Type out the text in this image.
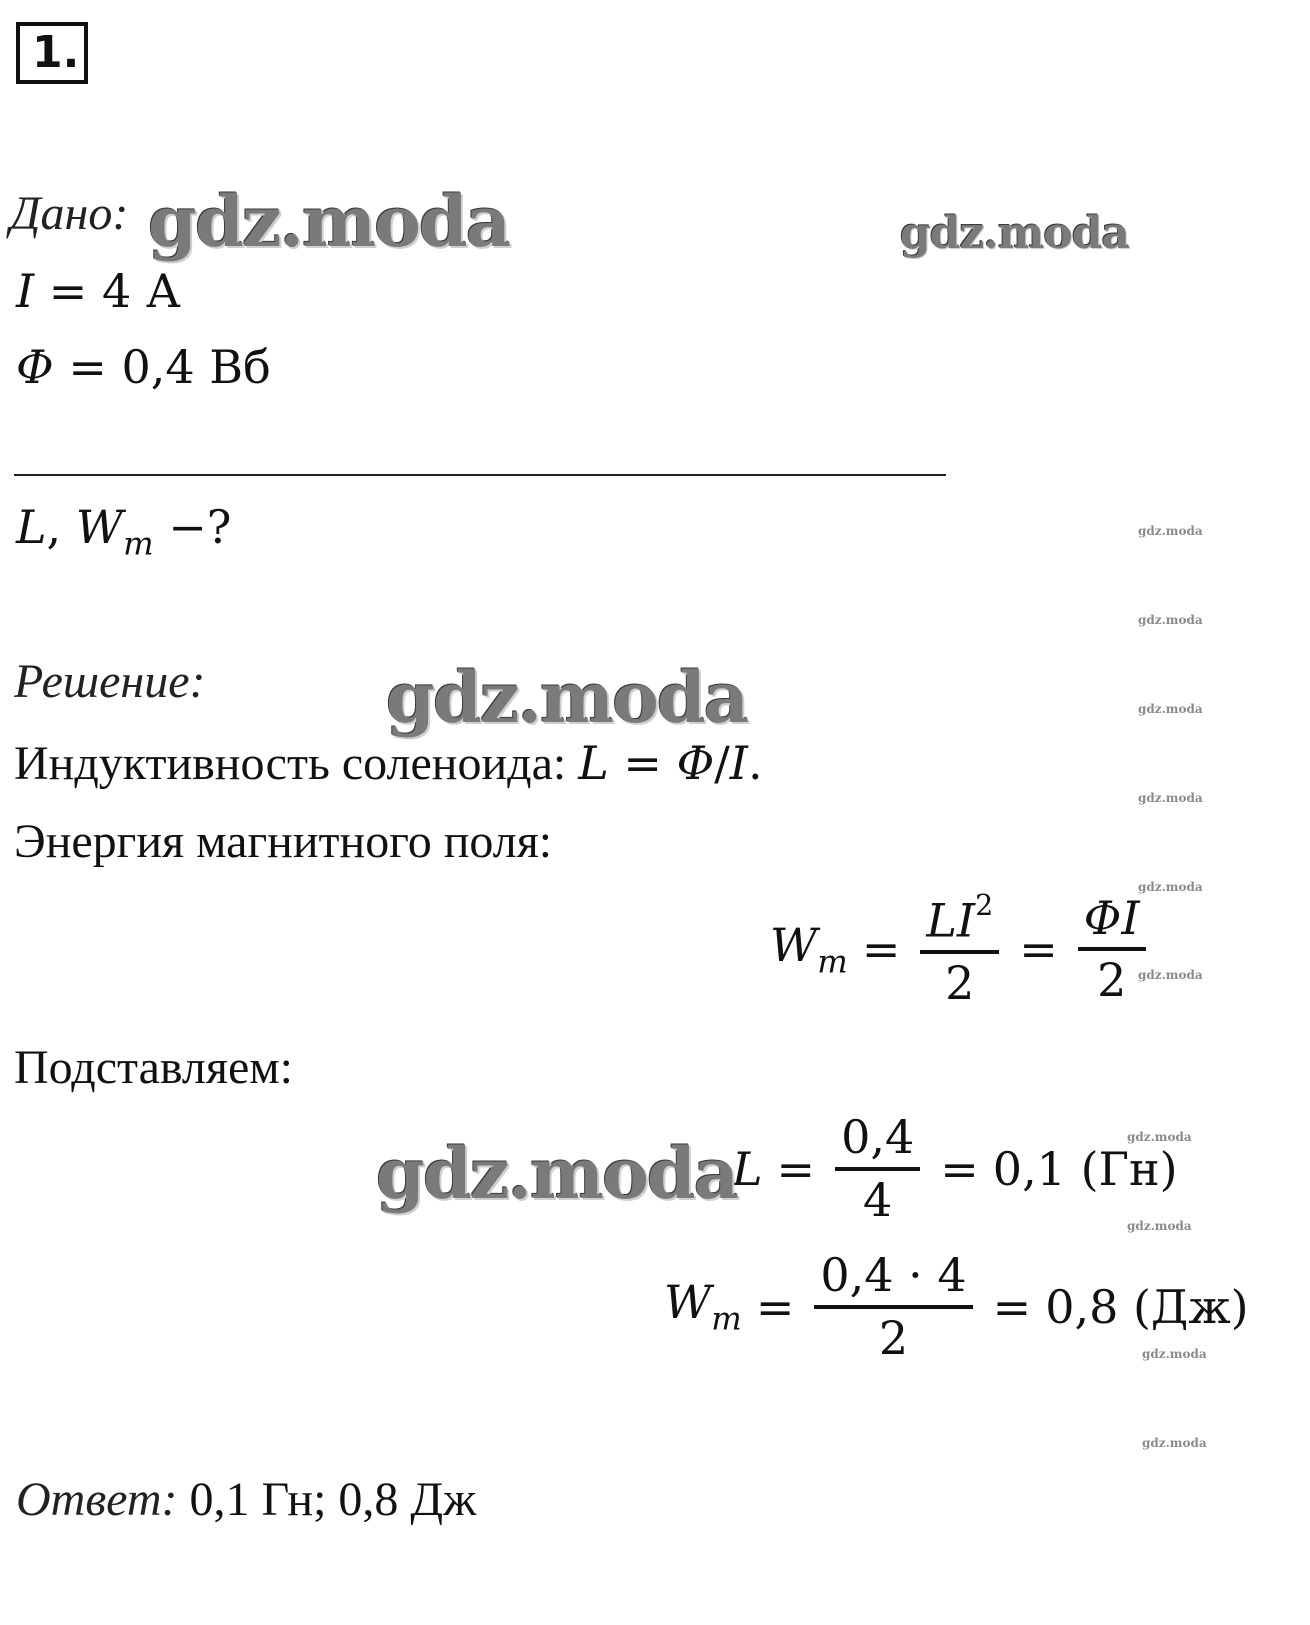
1.
Дано:
I = 4 А
Φ = 0,4 Вб
L, $W_m$ −?
Решение:
Индуктивность соленоида: L = Φ/I.
Энергия магнитного поля:
$W_m = \frac{LI^2}{2} = \frac{\Phi I}{2}$
Подставляем:
$L = \frac{0,4}{4} = 0,1$ (Гн)
$W_m = \frac{0,4 \cdot 4}{2} = 0,8$ (Дж)
Ответ: 0,1 Гн; 0,8 Дж
gdz.moda	gdz.moda
gdz.moda
gdz.moda
gdz.moda
gdz.moda
gdz.moda
gdz.moda
gdz.moda
gdz.moda
gdz.moda
gdz.moda
gdz.moda
gdz.moda
